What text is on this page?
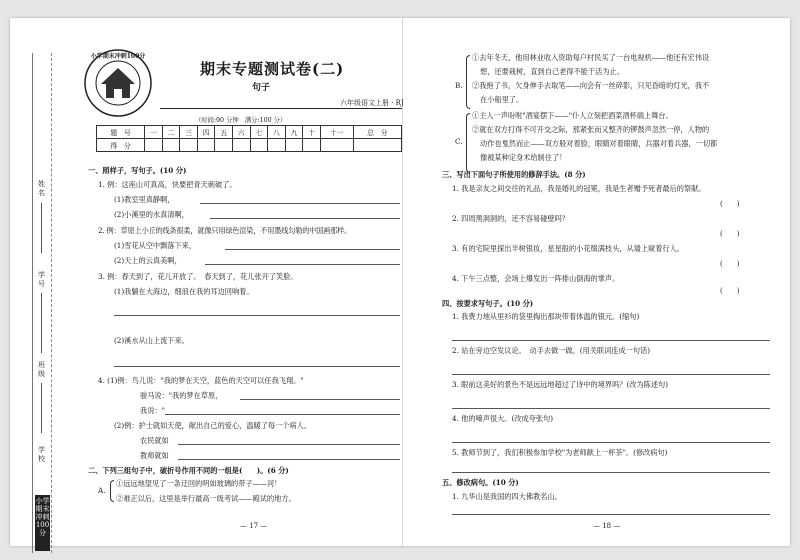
姓名
学号
班级
学校
小学期末冲刺100分
小学期末冲刺100分
期末专题测试卷(二)
句子
六年级语文上册 · RJ
（时间:90 分钟　满分:100 分）
题　号	一	二	三	四	五	六	七	八	九	十	十一	总　分
得　分												
一、照样子，写句子。(10 分)
1. 例：这座山可真高，快要把青天刺破了。
(1)教室里真静啊，
(2)小溪里的水真清啊，
2. 例：草原上小丘的线条很柔，就像只用绿色渲染，不用墨线勾勒的中国画那样。
(1)雪花从空中飘落下来，
(2)天上的云真美啊，
3. 例：春天到了，花儿开放了。　春天到了，花儿张开了笑脸。
(1)我躺在大海边，细浪在我的耳边回响着。
(2)溪水从山上流下来。
4. (1)例：鸟儿说："我的梦在天空，蓝色的天空可以任我飞翔。"
骏马说："我的梦在草原，
我说："
(2)例：护士就如天使，献出自己的爱心，温暖了每一个病人。
农民就如
教师就如
二、下列三组句子中，破折号作用不同的一组是(　　)。(6 分)
A.
①远远地望见了一条迂回的明如玻璃的带子——河！
②难正以后，这里是举行最高一级考试——殿试的地方。
— 17 —
B.
①去年冬天，他用林业收入资助每户村民买了一台电视机——他还有宏伟设
想，还要栽树，直到自己老得不能干活为止。
②我抱了书，欠身伸手去取笔——向会有一丝碎影，只见昏暗的灯光，我不
在小船里了。
C.
①主人一声吩咐"酒宴摆下——"仆人立刻把酒菜酒杯端上舞台。
②就在双方打得不可开交之际，那紧张而又整齐的锣鼓声忽然一停，人物的
动作也戛然而止——双方般对着脸，眼睛对着眼睛，兵器对着兵器，一切都
像被某种定身术给制住了！
三、写出下面句子所使用的修辞手法。(8 分)
1. 我是亲友之间交往的礼品，我是婚礼的冠冕，我是生者赠予死者最后的祭献。
(　　)
2. 四周黑洞洞的，还不容易碰壁吗？
(　　)
3. 有的宅院里探出半树银妆，星星般的小花缀满枝头，从墙上窥着行人。
(　　)
4. 下午三点整，会场上爆发出一阵排山倒海的掌声。
(　　)
四、按要求写句子。(10 分)
1. 我费力地从里衫的袋里掏出那块带着体温的银元。(缩句)
2. 站在旁边空发议论。　动手去做一做。(用关联词连成一句话)
3. 眼前这美好的景色不是远远地超过了诗中的境界吗？(改为陈述句)
4. 他的嗓声很大。(改成夸张句)
5. 教师节到了，我们积极参加学校"为老师献上一杯茶"。(修改病句)
五、修改病句。(10 分)
1. 九华山是我国的四大佛教名山。
— 18 —
